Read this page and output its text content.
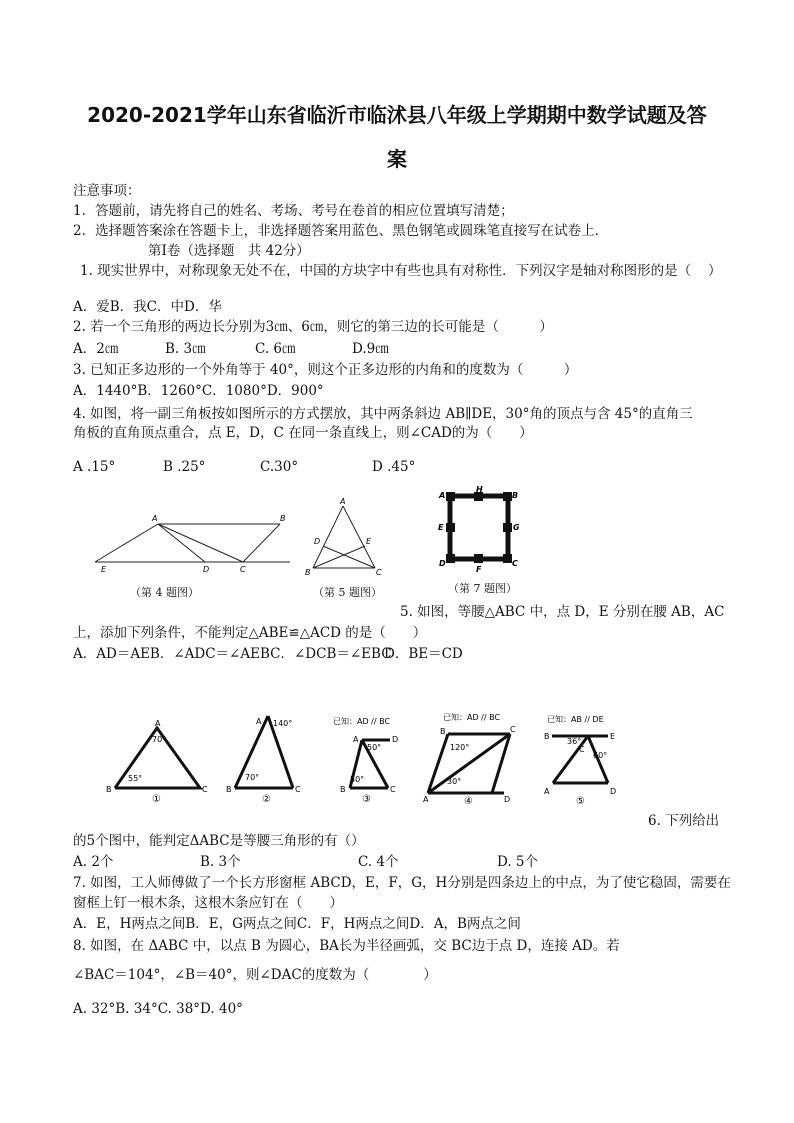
2020-2021学年山东省临沂市临沭县八年级上学期期中数学试题及答
案
注意事项：
1．答题前，请先将自己的姓名、考场、考号在卷首的相应位置填写清楚；
2．选择题答案涂在答题卡上，非选择题答案用蓝色、黑色钢笔或圆珠笔直接写在试卷上．
第Ⅰ卷（选择题　共 42分）
1. 现实世界中，对称现象无处不在，中国的方块字中有些也具有对称性．下列汉字是轴对称图形的是（ ）
A．爱B．我C．中D．华
2. 若一个三角形的两边长分别为3㎝、6㎝，则它的第三边的长可能是（　　　）
A．2㎝	B. 3㎝	C. 6㎝	D.9㎝
3. 已知正多边形的一个外角等于 40°，则这个正多边形的内角和的度数为（　　　）
A．1440°B．1260°C．1080°D．900°
4. 如图，将一副三角板按如图所示的方式摆放，其中两条斜边 AB∥DE，30°角的顶点与含 45°的直角三
角板的直角顶点重合，点 E，D，C 在同一条直线上，则∠CAD的为（　　）
A .15°	B .25°	C.30°	D .45°
A	B
C
D
E
（第 4 题图）
A
B	C
D	E
（第 5 题图）
A
H
B
E	G
D
F
C
（第 7 题图）
5. 如图，等腰△ABC 中，点 D，E 分别在腰 AB，AC
上，添加下列条件，不能判定△ABE≌△ACD 的是（　　）
A．AD＝AEB．∠ADC＝∠AEBC．∠DCB＝∠EBC
D．BE＝CD
A
70°
55°
B	C
①
A 140°
70°
B	C
②
已知：AD // BC
A	D
50°
50°
B	C
③
已知：AD // BC
B	C
120°
30°
A	D
④
已知：AB // DE
B	E
36°
C
60°
A	D
⑤
6. 下列给出
的5个图中，能判定ΔABC是等腰三角形的有（）
A. 2个	B. 3个	C. 4个	D. 5个
7. 如图，工人师傅做了一个长方形窗框 ABCD，E，F，G，H分别是四条边上的中点，为了使它稳固，需要在
窗框上钉一根木条，这根木条应钉在（　　）
A．E，H两点之间B．E，G两点之间C．F，H两点之间D．A，B两点之间
8. 如图，在 ΔABC 中，以点 B 为圆心，BA长为半径画弧，交 BC边于点 D，连接 AD。若
∠BAC＝104°，∠B＝40°，则∠DAC的度数为（　　　　）
A. 32°B. 34°C. 38°D. 40°
